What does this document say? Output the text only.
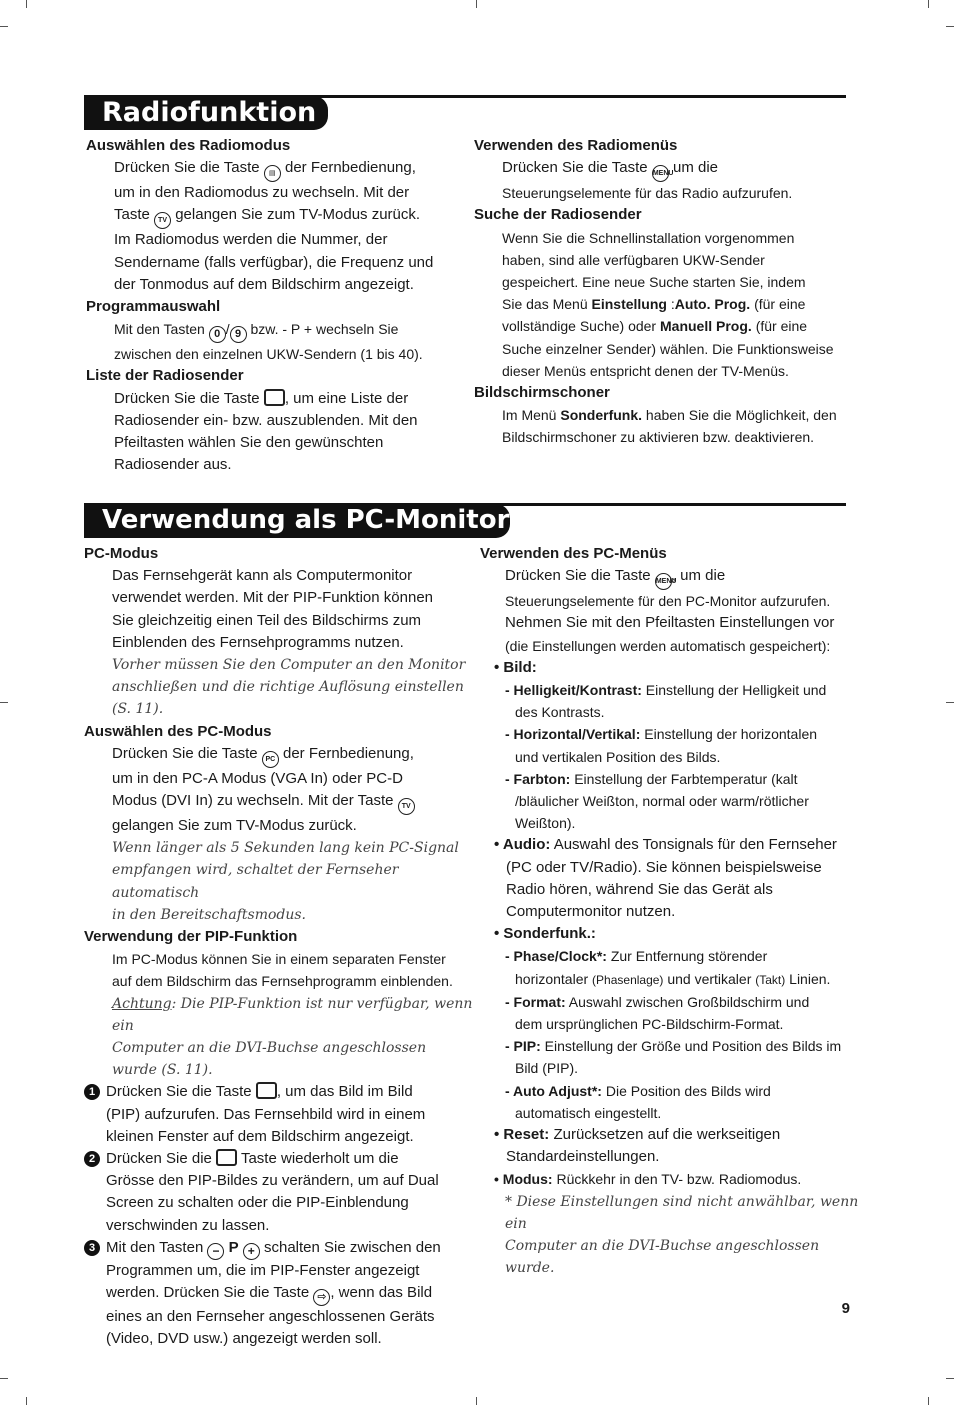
Radiofunktion
Auswählen des Radiomodus
Drücken Sie die Taste ▤ der Fernbedienung,
um in den Radiomodus zu wechseln. Mit der
Taste TV gelangen Sie zum TV-Modus zurück.
Im Radiomodus werden die Nummer, der
Sendername (falls verfügbar), die Frequenz und
der Tonmodus auf dem Bildschirm angezeigt.
Programmauswahl
Mit den Tasten 0 / 9 bzw. - P + wechseln Sie
zwischen den einzelnen UKW-Sendern (1 bis 40).
Liste der Radiosender
Drücken Sie die Taste , um eine Liste der
Radiosender ein- bzw. auszublenden. Mit den
Pfeiltasten wählen Sie den gewünschten
Radiosender aus.
Verwenden des Radiomenüs
Drücken Sie die Taste MENU um die
Steuerungselemente für das Radio aufzurufen.
Suche der Radiosender
Wenn Sie die Schnellinstallation vorgenommen
haben, sind alle verfügbaren UKW-Sender
gespeichert. Eine neue Suche starten Sie, indem
Sie das Menü Einstellung :Auto. Prog. (für eine
vollständige Suche) oder Manuell Prog. (für eine
Suche einzelner Sender) wählen. Die Funktionsweise
dieser Menüs entspricht denen der TV-Menüs.
Bildschirmschoner
Im Menü Sonderfunk. haben Sie die Möglichkeit, den
Bildschirmschoner zu aktivieren bzw. deaktivieren.
Verwendung als PC-Monitor
PC-Modus
Das Fernsehgerät kann als Computermonitor
verwendet werden. Mit der PIP-Funktion können
Sie gleichzeitig einen Teil des Bildschirms zum
Einblenden des Fernsehprogramms nutzen.
Vorher müssen Sie den Computer an den Monitor
anschließen und die richtige Auflösung einstellen (S. 11).
Auswählen des PC-Modus
Drücken Sie die Taste PC der Fernbedienung,
um in den PC-A Modus (VGA In) oder PC-D
Modus (DVI In) zu wechseln. Mit der Taste TV
gelangen Sie zum TV-Modus zurück.
Wenn länger als 5 Sekunden lang kein PC-Signal
empfangen wird, schaltet der Fernseher automatisch
in den Bereitschaftsmodus.
Verwendung der PIP-Funktion
Im PC-Modus können Sie in einem separaten Fenster
auf dem Bildschirm das Fernsehprogramm einblenden.
Achtung: Die PIP-Funktion ist nur verfügbar, wenn ein
Computer an die DVI-Buchse angeschlossen wurde (S. 11).
1 Drücken Sie die Taste , um das Bild im Bild
(PIP) aufzurufen. Das Fernsehbild wird in einem
kleinen Fenster auf dem Bildschirm angezeigt.
2 Drücken Sie die Taste wiederholt um die
Grösse den PIP-Bildes zu verändern, um auf Dual
Screen zu schalten oder die PIP-Einblendung
verschwinden zu lassen.
3 Mit den Tasten − P + schalten Sie zwischen den
Programmen um, die im PIP-Fenster angezeigt
werden. Drücken Sie die Taste ⇨ , wenn das Bild
eines an den Fernseher angeschlossenen Geräts
(Video, DVD usw.) angezeigt werden soll.
Verwenden des PC-Menüs
Drücken Sie die Taste MENU, um die
Steuerungselemente für den PC-Monitor aufzurufen.
Nehmen Sie mit den Pfeiltasten Einstellungen vor
(die Einstellungen werden automatisch gespeichert):
• Bild:
- Helligkeit/Kontrast: Einstellung der Helligkeit und
des Kontrasts.
- Horizontal/Vertikal: Einstellung der horizontalen
und vertikalen Position des Bilds.
- Farbton: Einstellung der Farbtemperatur (kalt
/bläulicher Weißton, normal oder warm/rötlicher
Weißton).
• Audio: Auswahl des Tonsignals für den Fernseher
(PC oder TV/Radio). Sie können beispielsweise
Radio hören, während Sie das Gerät als
Computermonitor nutzen.
• Sonderfunk.:
- Phase/Clock*: Zur Entfernung störender
horizontaler (Phasenlage) und vertikaler (Takt) Linien.
- Format: Auswahl zwischen Großbildschirm und
dem ursprünglichen PC-Bildschirm-Format.
- PIP: Einstellung der Größe und Position des Bilds im
Bild (PIP).
- Auto Adjust*: Die Position des Bilds wird
automatisch eingestellt.
• Reset: Zurücksetzen auf die werkseitigen
Standardeinstellungen.
• Modus: Rückkehr in den TV- bzw. Radiomodus.
* Diese Einstellungen sind nicht anwählbar, wenn ein
Computer an die DVI-Buchse angeschlossen wurde.
9
